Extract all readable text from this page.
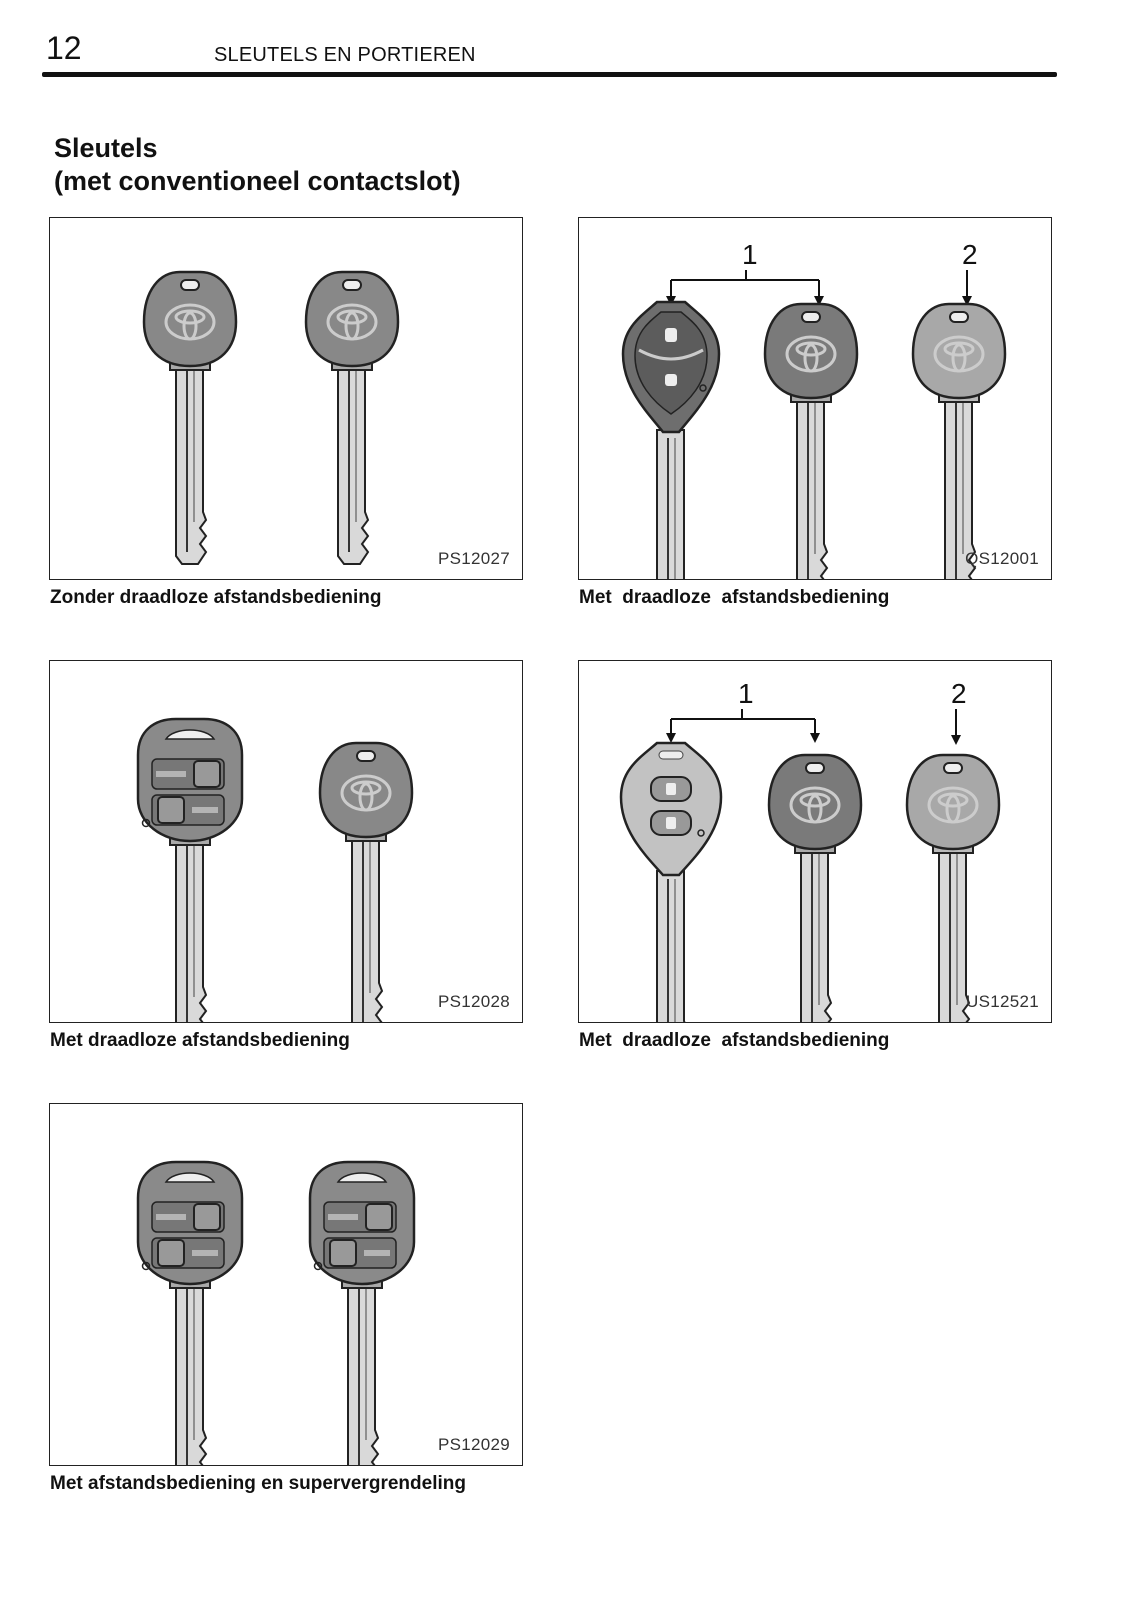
12	SLEUTELS EN PORTIEREN
Sleutels
(met conventioneel contactslot)
PS12027
Zonder draadloze afstandsbediening
1	2
QS12001
Met  draadloze  afstandsbediening
PS12028
Met draadloze afstandsbediening
1	2
US12521
Met  draadloze  afstandsbediening
PS12029
Met afstandsbediening en supervergrendeling
